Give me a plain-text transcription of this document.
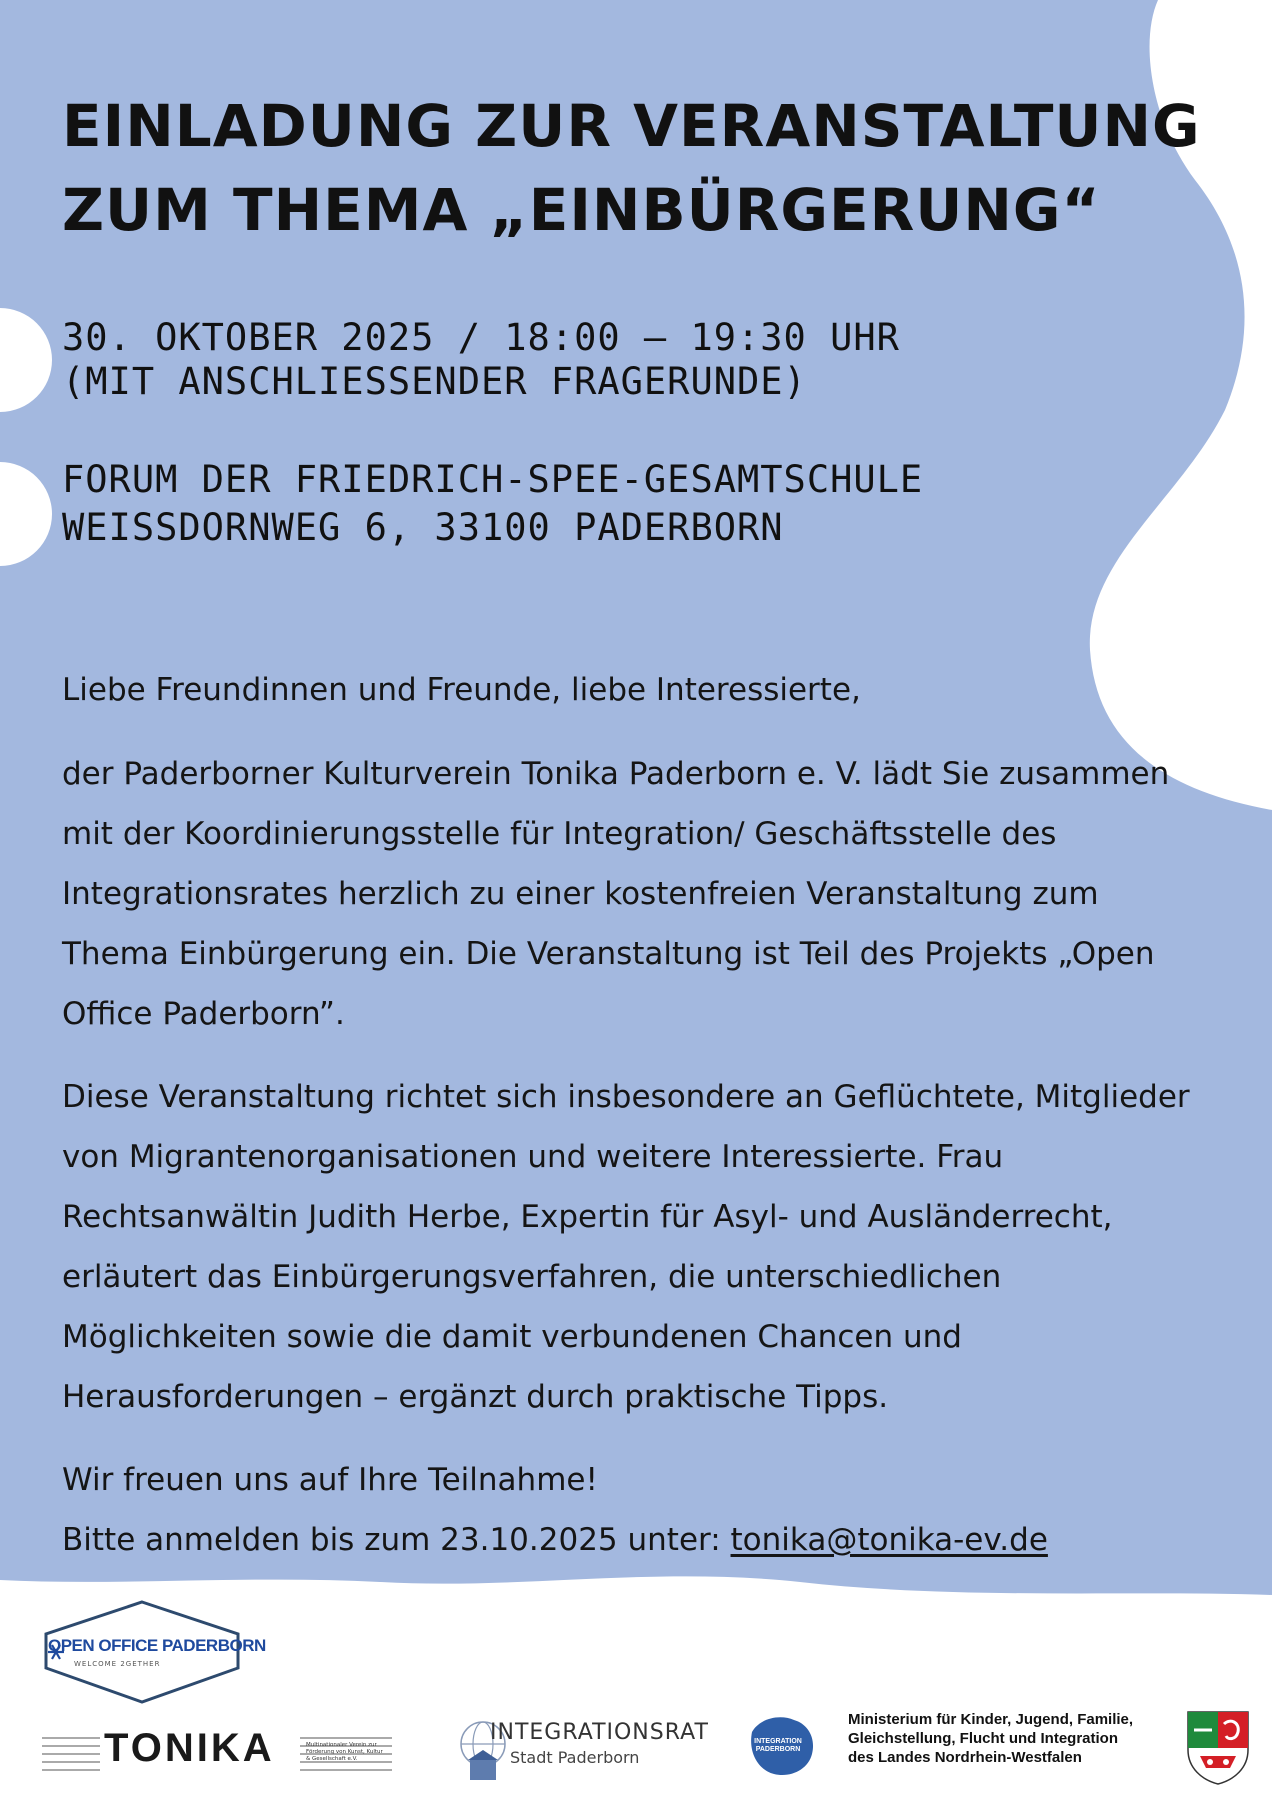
EINLADUNG ZUR VERANSTALTUNG
ZUM THEMA „EINBÜRGERUNG“

30. OKTOBER 2025 / 18:00 – 19:30 UHR

(MIT ANSCHLIESSENDER FRAGERUNDE)

FORUM DER FRIEDRICH-SPEE-GESAMTSCHULE

WEISSDORNWEG 6, 33100 PADERBORN

Liebe Freundinnen und Freunde, liebe Interessierte,

der Paderborner Kulturverein Tonika Paderborn e. V. lädt Sie zusammen mit der Koordinierungsstelle für Integration/ Geschäftsstelle des Integrationsrates herzlich zu einer kostenfreien Veranstaltung zum Thema Einbürgerung ein. Die Veranstaltung ist Teil des Projekts „Open Office Paderborn”.

Diese Veranstaltung richtet sich insbesondere an Geflüchtete, Mitglieder von Migrantenorganisationen und weitere Interessierte. Frau Rechtsanwältin Judith Herbe, Expertin für Asyl- und Ausländerrecht, erläutert das Einbürgerungsverfahren, die unterschiedlichen Möglichkeiten sowie die damit verbundenen Chancen und Herausforderungen – ergänzt durch praktische Tipps.

Wir freuen uns auf Ihre Teilnahme!

Bitte anmelden bis zum 23.10.2025 unter: tonika@tonika-ev.de

OPEN OFFICE PADERBORN

WELCOME 2GETHER

TONIKA	Multinationaler Verein zur Förderung von Kunst, Kultur & Gesellschaft e.V.

INTEGRATIONSRAT

Stadt Paderborn

INTEGRATION PADERBORN

Ministerium für Kinder, Jugend, Familie,
Gleichstellung, Flucht und Integration
des Landes Nordrhein-Westfalen
